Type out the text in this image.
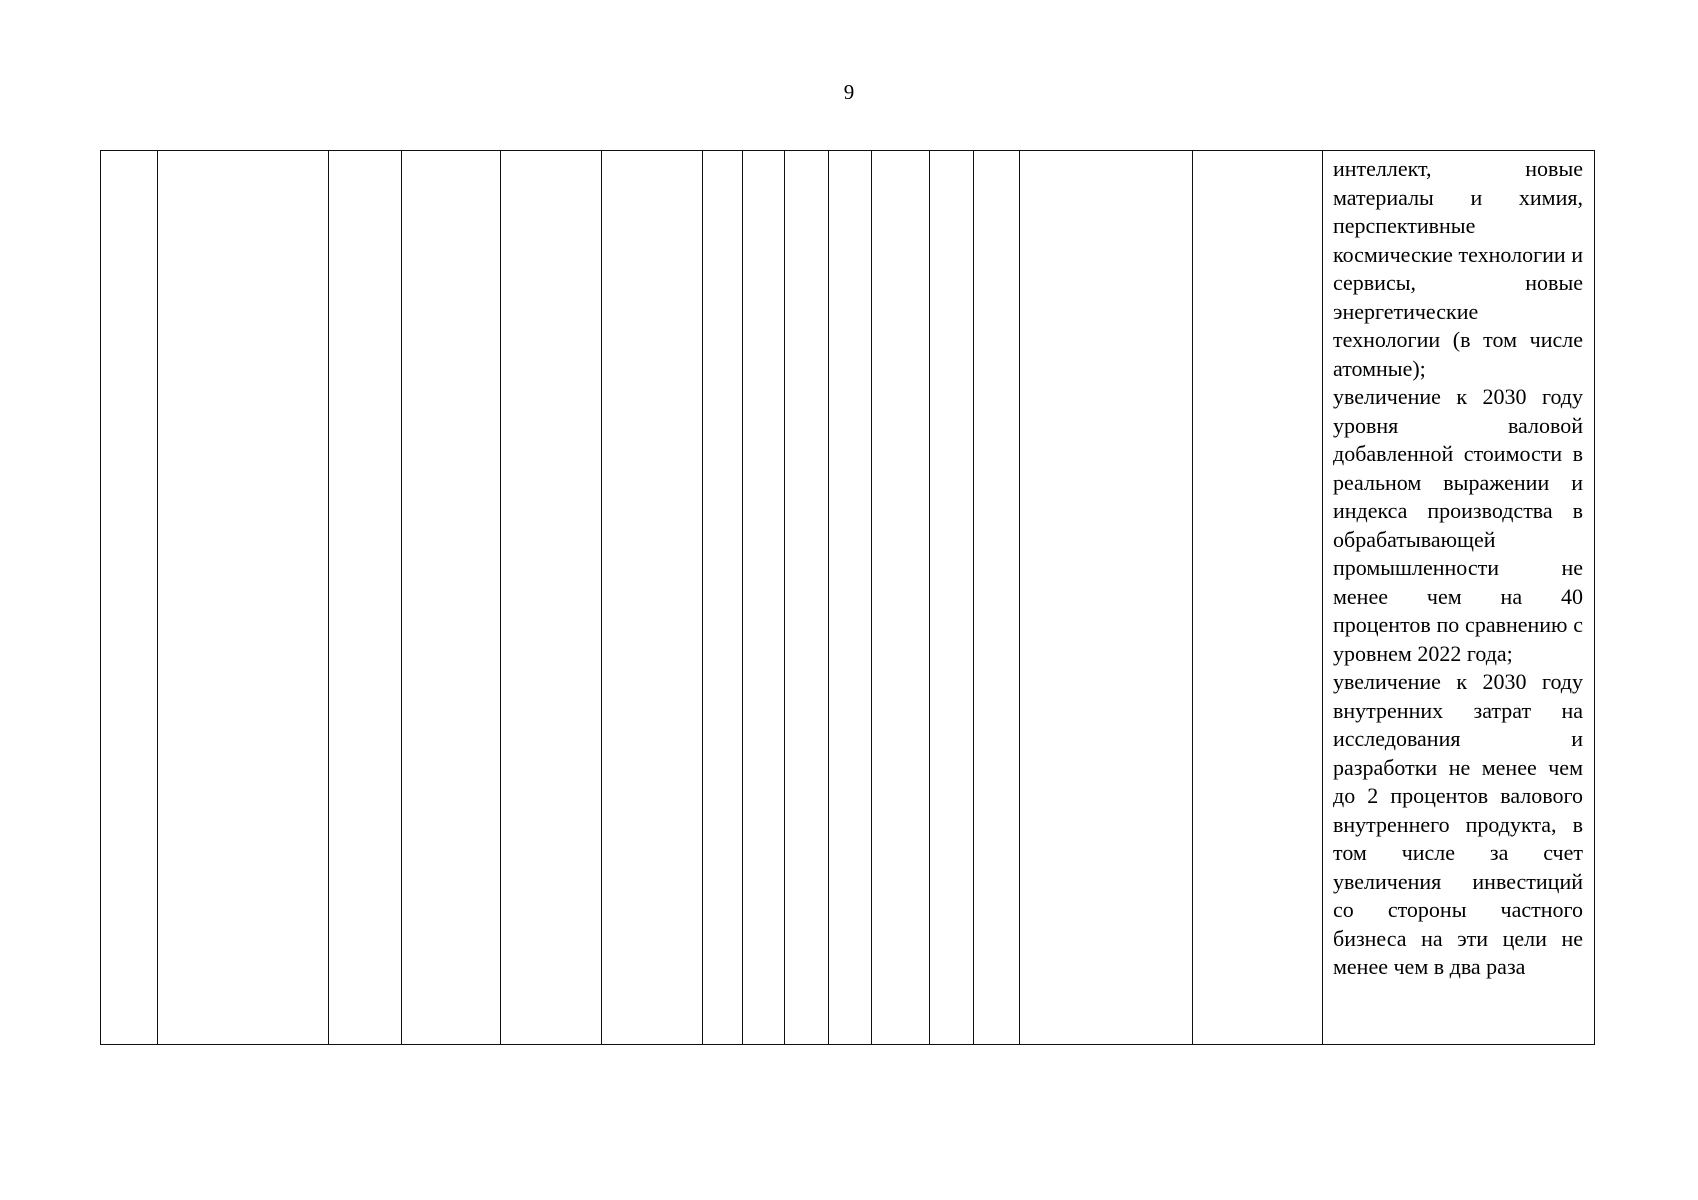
9

интеллект, новые материалы и химия, перспективные космические технологии и сервисы, новые энергетические технологии (в том числе атомные);
увеличение к 2030 году уровня валовой добавленной стоимости в реальном выражении и индекса производства в обрабатывающей промышленности не менее чем на 40 процентов по сравнению с уровнем 2022 года;
увеличение к 2030 году внутренних затрат на исследования и разработки не менее чем до 2 процентов валового внутреннего продукта, в том числе за счет увеличения инвестиций со стороны частного бизнеса на эти цели не менее чем в два раза
